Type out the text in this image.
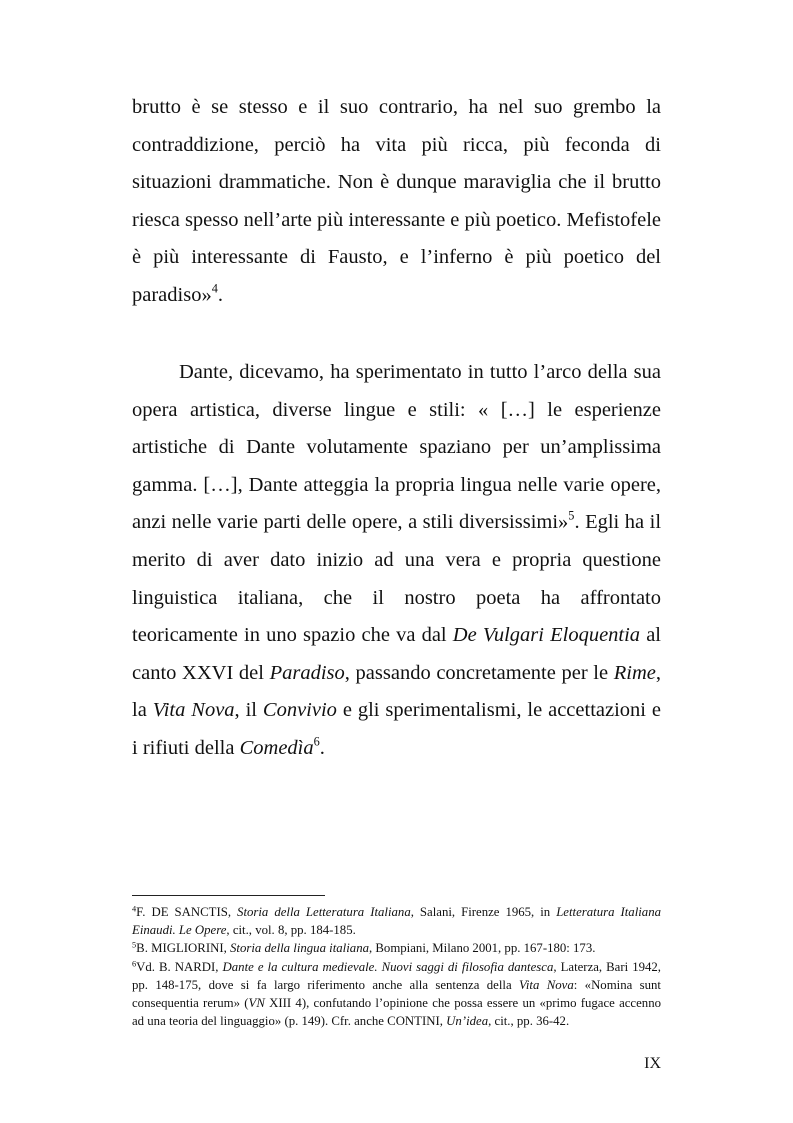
brutto è se stesso e il suo contrario, ha nel suo grembo la contraddizione, perciò ha vita più ricca, più feconda di situazioni drammatiche. Non è dunque maraviglia che il brutto riesca spesso nell’arte più interessante e più poetico. Mefistofele è più interessante di Fausto, e l’inferno è più poetico del paradiso»$^4$.

Dante, dicevamo, ha sperimentato in tutto l’arco della sua opera artistica, diverse lingue e stili: « […] le esperienze artistiche di Dante volutamente spaziano per un’amplissima gamma. […], Dante atteggia la propria lingua nelle varie opere, anzi nelle varie parti delle opere, a stili diversissimi»$^5$. Egli ha il merito di aver dato inizio ad una vera e propria questione linguistica italiana, che il nostro poeta ha affrontato teoricamente in uno spazio che va dal De Vulgari Eloquentia al canto XXVI del Paradiso, passando concretamente per le Rime, la Vita Nova, il Convivio e gli sperimentalismi, le accettazioni e i rifiuti della Comedìa$^6$.

$^4$F. DE SANCTIS, Storia della Letteratura Italiana, Salani, Firenze 1965, in Letteratura Italiana Einaudi. Le Opere, cit., vol. 8, pp. 184-185.

$^5$B. MIGLIORINI, Storia della lingua italiana, Bompiani, Milano 2001, pp. 167-180: 173.

$^6$Vd. B. NARDI, Dante e la cultura medievale. Nuovi saggi di filosofia dantesca, Laterza, Bari 1942, pp. 148-175, dove si fa largo riferimento anche alla sentenza della Vita Nova: «Nomina sunt consequentia rerum» (VN XIII 4), confutando l’opinione che possa essere un «primo fugace accenno ad una teoria del linguaggio» (p. 149). Cfr. anche CONTINI, Un’idea, cit., pp. 36-42.

IX
